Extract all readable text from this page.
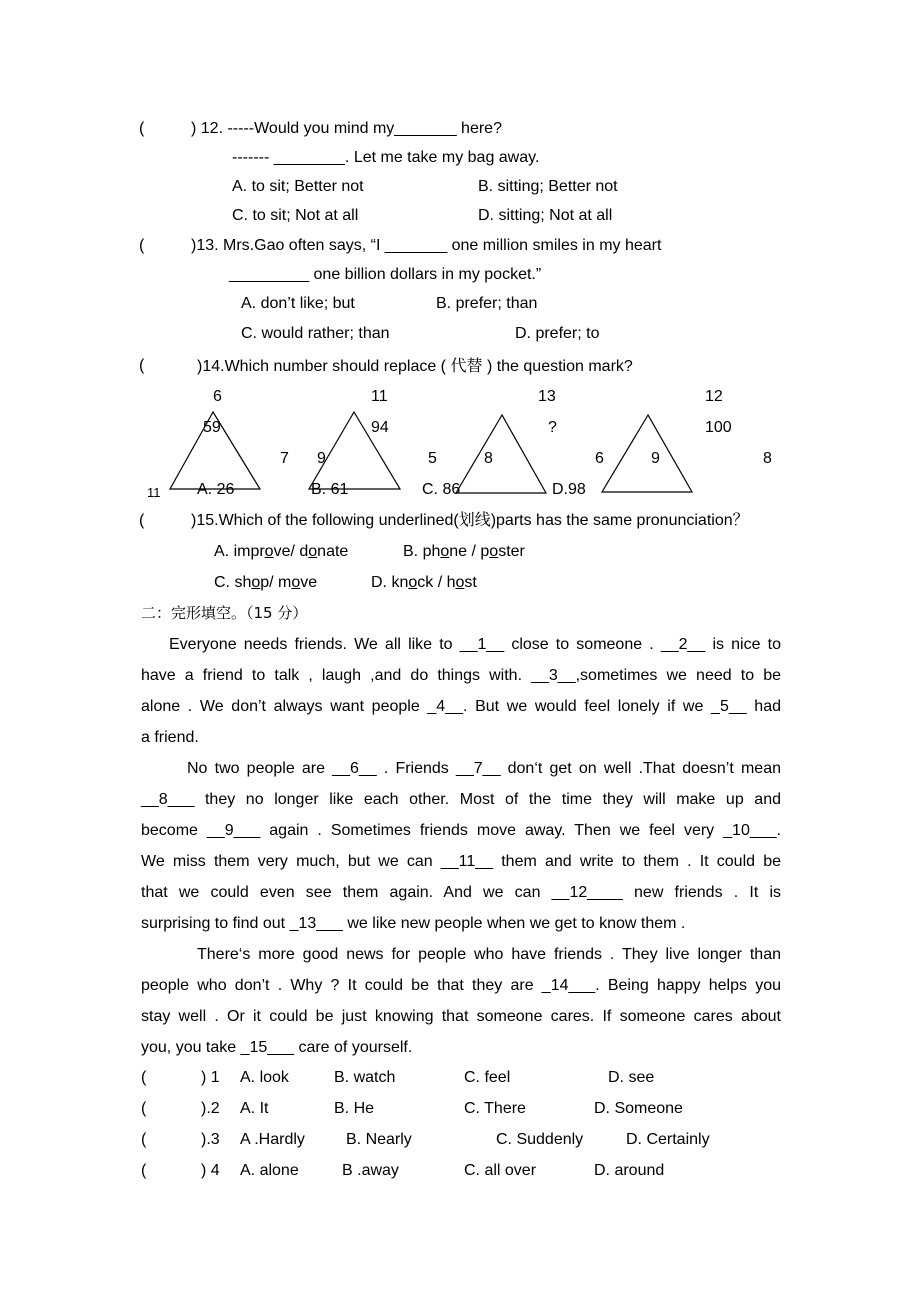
(	) 12. -----Would you mind my_______ here?
------- ________. Let me take my bag away.
A. to sit; Better not	B. sitting; Better not
C. to sit; Not at all	D. sitting; Not at all
(	)13. Mrs.Gao often says, “I _______ one million smiles in my heart
_________ one billion dollars in my pocket.”
A. don’t like; but	B. prefer; than
C. would rather; than	D. prefer; to
(	)14.Which number should replace ( 代替 ) the question mark?
6
59
11
7
11
94
9	5
13
?
8	6
12
100
9	8
A. 26	B. 61	C. 86	D.98
(	)15.Which of the following underlined(划线)parts has the same pronunciation？
A. improve/ donate	B. phone / poster
C. shop/ move	D. knock / host
二：完形填空。（15 分）
Everyone needs friends. We all like to __1__ close to someone . __2__ is nice to
have a friend to talk , laugh ,and do things with. __3__,sometimes we need to be
alone . We don’t always want people _4__. But we would feel lonely if we _5__ had
a friend.
No two people are __6__ . Friends __7__ don‘t get on well .That doesn’t mean
__8___ they no longer like each other. Most of the time they will make up and
become __9___ again . Sometimes friends move away. Then we feel very _10___.
We miss them very much, but we can __11__ them and write to them . It could be
that we could even see them again. And we can __12____ new friends . It is
surprising to find out _13___ we like new people when we get to know them .
There‘s more good news for people who have friends . They live longer than
people who don’t . Why ? It could be that they are _14___. Being happy helps you
stay well . Or it could be just knowing that someone cares. If someone cares about
you, you take _15___ care of yourself.
(	) 1 A. look	B. watch	C. feel	D. see
(	).2 A. It	B. He	C. There	D. Someone
(	).3 A .Hardly	B. Nearly	C. Suddenly	D. Certainly
(	) 4 A. alone	B .away	C. all over	D. around
